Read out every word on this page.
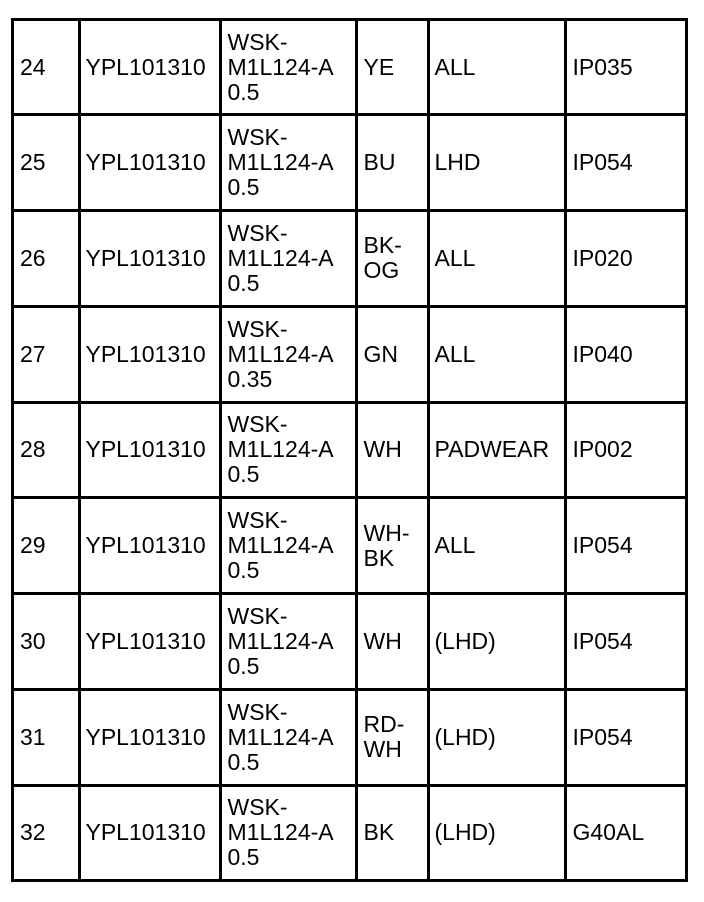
24	YPL101310	WSK-
M1L124-A
0.5	YE	ALL	IP035
25	YPL101310	WSK-
M1L124-A
0.5	BU	LHD	IP054
26	YPL101310	WSK-
M1L124-A
0.5	BK-
OG	ALL	IP020
27	YPL101310	WSK-
M1L124-A
0.35	GN	ALL	IP040
28	YPL101310	WSK-
M1L124-A
0.5	WH	PADWEAR	IP002
29	YPL101310	WSK-
M1L124-A
0.5	WH-
BK	ALL	IP054
30	YPL101310	WSK-
M1L124-A
0.5	WH	(LHD)	IP054
31	YPL101310	WSK-
M1L124-A
0.5	RD-
WH	(LHD)	IP054
32	YPL101310	WSK-
M1L124-A
0.5	BK	(LHD)	G40AL
